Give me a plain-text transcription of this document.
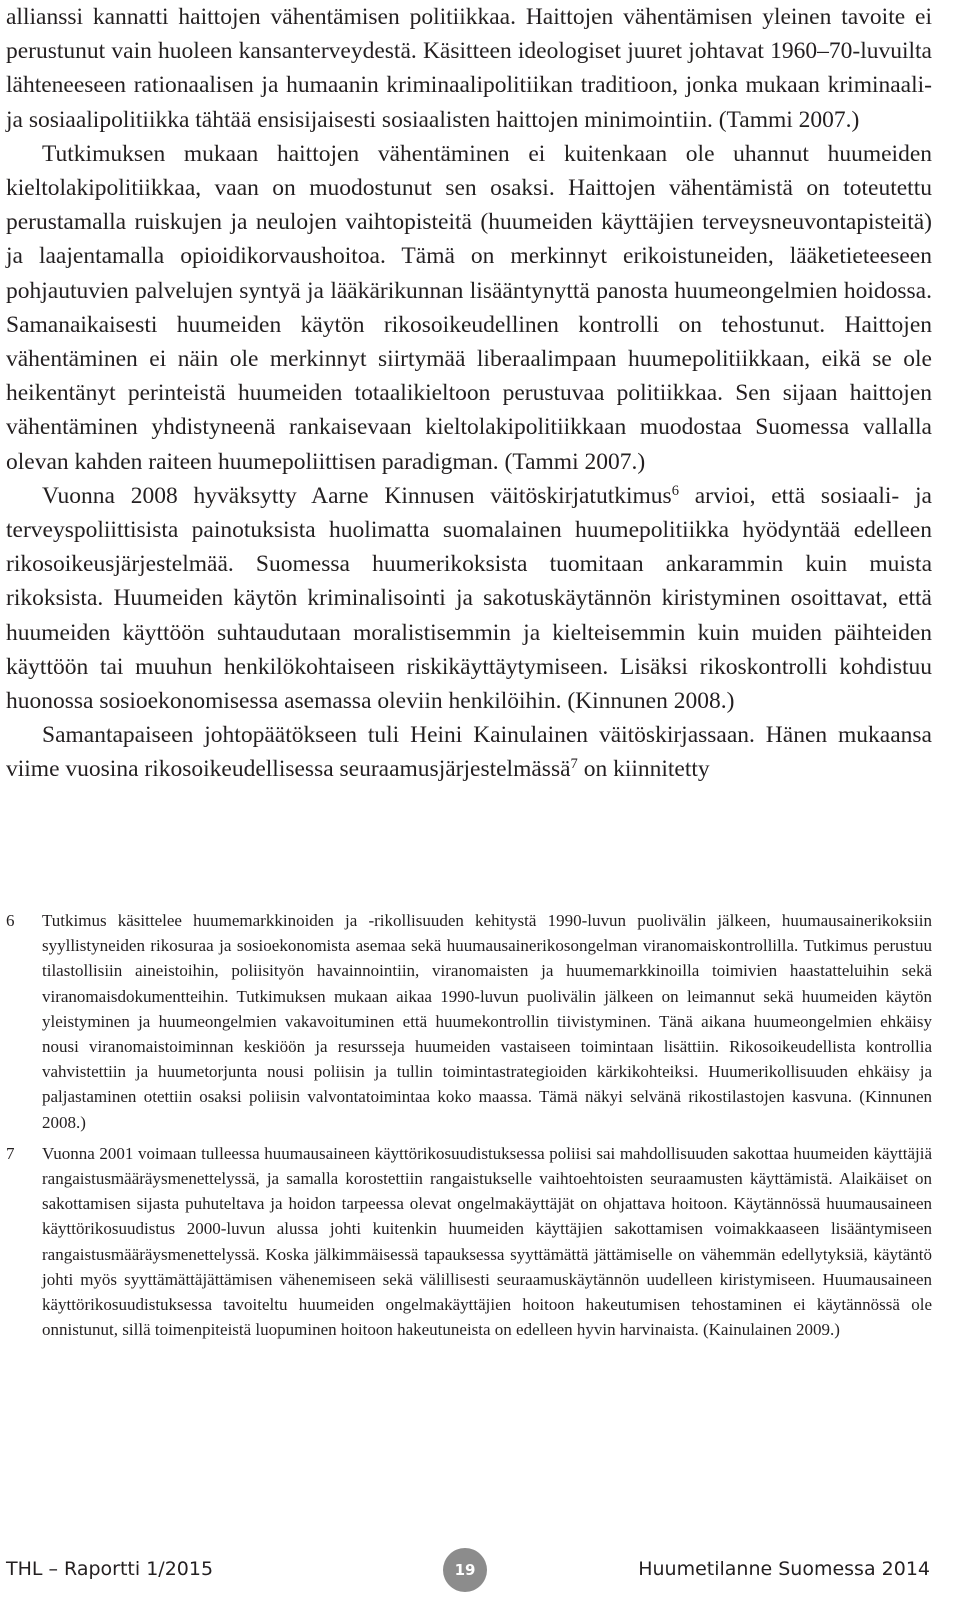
allianssi kannatti haittojen vähentämisen politiikkaa. Haittojen vähentämisen yleinen tavoite ei perustunut vain huoleen kansanterveydestä. Käsitteen ideologiset juuret johtavat 1960–70-luvuilta lähteneeseen rationaalisen ja humaanin kriminaalipolitiikan traditioon, jonka mukaan kriminaali- ja sosiaalipolitiikka tähtää ensisijaisesti sosiaalisten haittojen minimointiin. (Tammi 2007.)

Tutkimuksen mukaan haittojen vähentäminen ei kuitenkaan ole uhannut huumeiden kieltolakipolitiikkaa, vaan on muodostunut sen osaksi. Haittojen vähentämistä on toteutettu perustamalla ruiskujen ja neulojen vaihtopisteitä (huumeiden käyttäjien terveysneuvontapisteitä) ja laajentamalla opioidikorvaushoitoa. Tämä on merkinnyt erikoistuneiden, lääketieteeseen pohjautuvien palvelujen syntyä ja lääkärikunnan lisääntynyttä panosta huumeongelmien hoidossa. Samanaikaisesti huumeiden käytön rikosoikeudellinen kontrolli on tehostunut. Haittojen vähentäminen ei näin ole merkinnyt siirtymää liberaalimpaan huumepolitiikkaan, eikä se ole heikentänyt perinteistä huumeiden totaalikieltoon perustuvaa politiikkaa. Sen sijaan haittojen vähentäminen yhdistyneenä rankaisevaan kieltolakipolitiikkaan muodostaa Suomessa vallalla olevan kahden raiteen huumepoliittisen paradigman. (Tammi 2007.)

Vuonna 2008 hyväksytty Aarne Kinnusen väitöskirjatutkimus$^6$ arvioi, että sosiaali- ja terveyspoliittisista painotuksista huolimatta suomalainen huumepolitiikka hyödyntää edelleen rikosoikeusjärjestelmää. Suomessa huumerikoksista tuomitaan ankarammin kuin muista rikoksista. Huumeiden käytön kriminalisointi ja sakotuskäytännön kiristyminen osoittavat, että huumeiden käyttöön suhtaudutaan moralistisemmin ja kielteisemmin kuin muiden päihteiden käyttöön tai muuhun henkilökohtaiseen riskikäyttäytymiseen. Lisäksi rikoskontrolli kohdistuu huonossa sosioekonomisessa asemassa oleviin henkilöihin. (Kinnunen 2008.)

Samantapaiseen johtopäätökseen tuli Heini Kainulainen väitöskirjassaan. Hänen mukaansa viime vuosina rikosoikeudellisessa seuraamusjärjestelmässä$^7$ on kiinnitetty

6	Tutkimus käsittelee huumemarkkinoiden ja -rikollisuuden kehitystä 1990-luvun puolivälin jälkeen, huumausainerikoksiin syyllistyneiden rikosuraa ja sosioekonomista asemaa sekä huumausainerikosongelman viranomaiskontrollilla. Tutkimus perustuu tilastollisiin aineistoihin, poliisityön havainnointiin, viranomaisten ja huumemarkkinoilla toimivien haastatteluihin sekä viranomaisdokumentteihin. Tutkimuksen mukaan aikaa 1990-luvun puolivälin jälkeen on leimannut sekä huumeiden käytön yleistyminen ja huumeongelmien vakavoituminen että huumekontrollin tiivistyminen. Tänä aikana huumeongelmien ehkäisy nousi viranomaistoiminnan keskiöön ja resursseja huumeiden vastaiseen toimintaan lisättiin. Rikosoikeudellista kontrollia vahvistettiin ja huumetorjunta nousi poliisin ja tullin toimintastrategioiden kärkikohteiksi. Huumerikollisuuden ehkäisy ja paljastaminen otettiin osaksi poliisin valvontatoimintaa koko maassa. Tämä näkyi selvänä rikostilastojen kasvuna. (Kinnunen 2008.)
7	Vuonna 2001 voimaan tulleessa huumausaineen käyttörikosuudistuksessa poliisi sai mahdollisuuden sakottaa huumeiden käyttäjiä rangaistusmääräysmenettelyssä, ja samalla korostettiin rangaistukselle vaihtoehtoisten seuraamusten käyttämistä. Alaikäiset on sakottamisen sijasta puhuteltava ja hoidon tarpeessa olevat ongelmakäyttäjät on ohjattava hoitoon. Käytännössä huumausaineen käyttörikosuudistus 2000-luvun alussa johti kuitenkin huumeiden käyttäjien sakottamisen voimakkaaseen lisääntymiseen rangaistusmääräysmenettelyssä. Koska jälkimmäisessä tapauksessa syyttämättä jättämiselle on vähemmän edellytyksiä, käytäntö johti myös syyttämättäjättämisen vähenemiseen sekä välillisesti seuraamuskäytännön uudelleen kiristymiseen. Huumausaineen käyttörikosuudistuksessa tavoiteltu huumeiden ongelmakäyttäjien hoitoon hakeutumisen tehostaminen ei käytännössä ole onnistunut, sillä toimenpiteistä luopuminen hoitoon hakeutuneista on edelleen hyvin harvinaista. (Kainulainen 2009.)
THL – Raportti 1/2015	19	Huumetilanne Suomessa 2014
